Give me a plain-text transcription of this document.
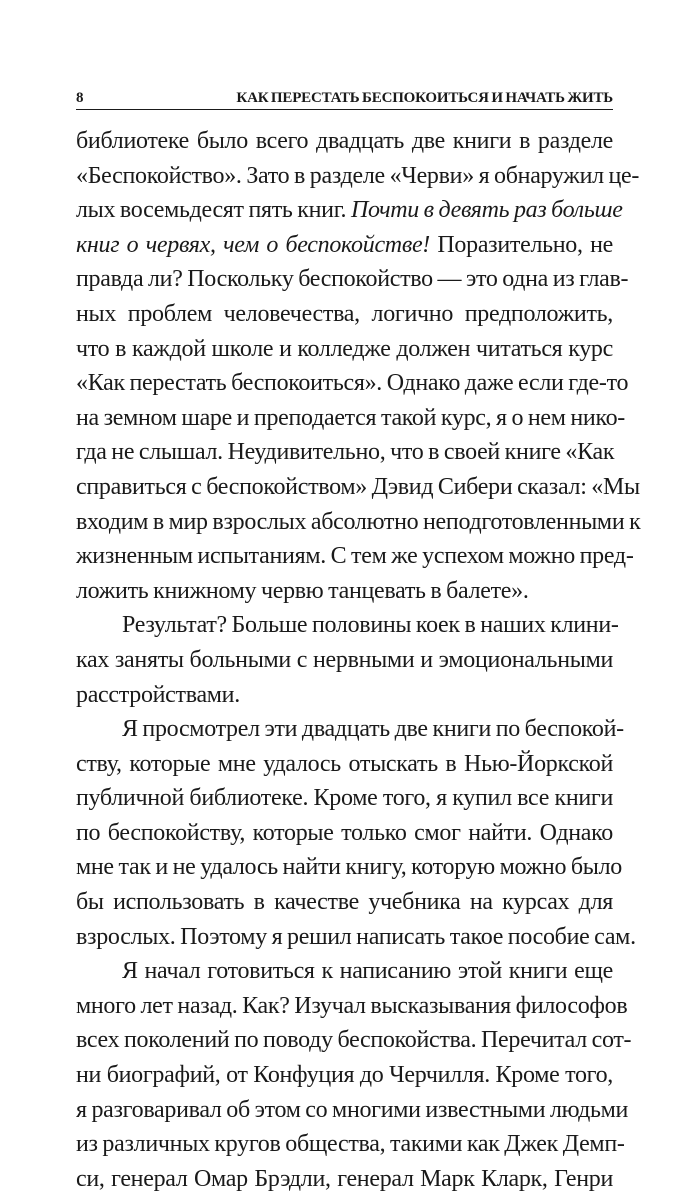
8	КАК ПЕРЕСТАТЬ БЕСПОКОИТЬСЯ И НАЧАТЬ ЖИТЬ
библиотеке было всего двадцать две книги в разделе
«Беспокойство». Зато в разделе «Черви» я обнаружил це-
лых восемьдесят пять книг. Почти в девять раз больше
книг о червях, чем о беспокойстве! Поразительно, не
правда ли? Поскольку беспокойство — это одна из глав-
ных проблем человечества, логично предположить,
что в каждой школе и колледже должен читаться курс
«Как перестать беспокоиться». Однако даже если где-то
на земном шаре и преподается такой курс, я о нем нико-
гда не слышал. Неудивительно, что в своей книге «Как
справиться с беспокойством» Дэвид Сибери сказал: «Мы
входим в мир взрослых абсолютно неподготовленными к
жизненным испытаниям. С тем же успехом можно пред-
ложить книжному червю танцевать в балете».
Результат? Больше половины коек в наших клини-
ках заняты больными с нервными и эмоциональными
расстройствами.
Я просмотрел эти двадцать две книги по беспокой-
ству, которые мне удалось отыскать в Нью-Йоркской
публичной библиотеке. Кроме того, я купил все книги
по беспокойству, которые только смог найти. Однако
мне так и не удалось найти книгу, которую можно было
бы использовать в качестве учебника на курсах для
взрослых. Поэтому я решил написать такое пособие сам.
Я начал готовиться к написанию этой книги еще
много лет назад. Как? Изучал высказывания философов
всех поколений по поводу беспокойства. Перечитал сот-
ни биографий, от Конфуция до Черчилля. Кроме того,
я разговаривал об этом со многими известными людьми
из различных кругов общества, такими как Джек Демп-
си, генерал Омар Брэдли, генерал Марк Кларк, Генри
